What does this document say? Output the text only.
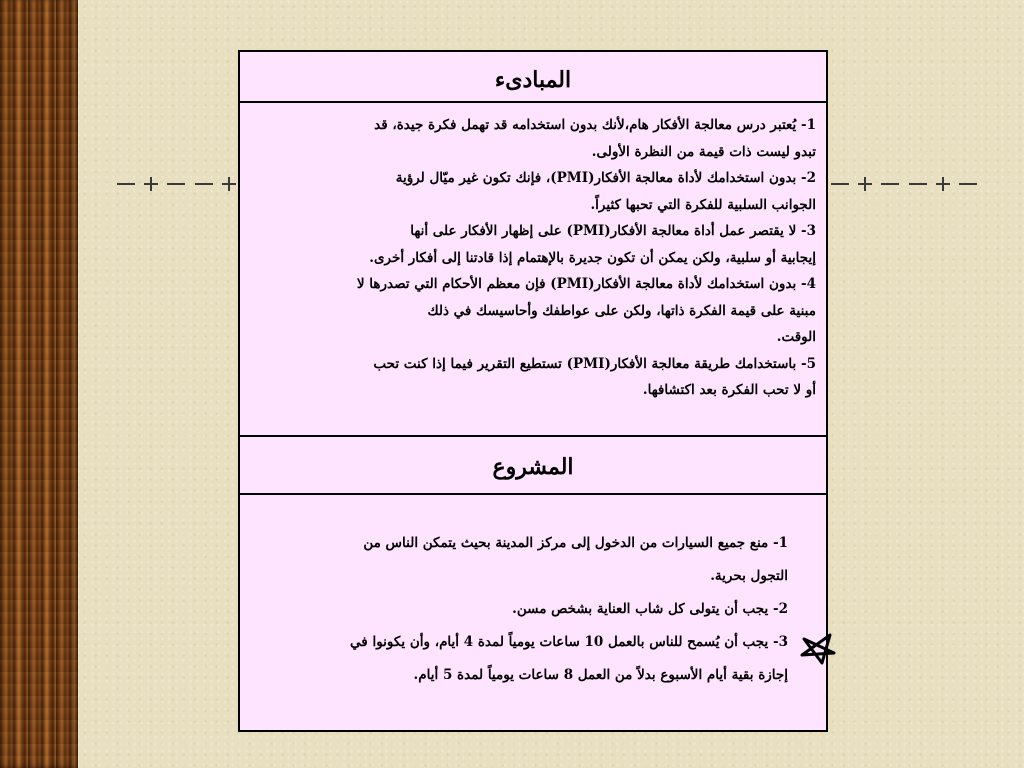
المبادىء
1- يُعتبر درس معالجة الأفكار هام،لأنك بدون استخدامه قد تهمل فكرة جيدة، قد
تبدو ليست ذات قيمة من النظرة الأولى.
2- بدون استخدامك لأداة معالجة الأفكار(PMI)، فإنك تكون غير ميّال لرؤية
الجوانب السلبية للفكرة التي تحبها كثيراً.
3- لا يقتصر عمل أداة معالجة الأفكار(PMI) على إظهار الأفكار على أنها
إيجابية أو سلبية، ولكن يمكن أن تكون جديرة بالإهتمام إذا قادتنا إلى أفكار أخرى.
4- بدون استخدامك لأداة معالجة الأفكار(PMI) فإن معظم الأحكام التي تصدرها لا
مبنية على قيمة الفكرة ذاتها، ولكن على عواطفك وأحاسيسك في ذلك
الوقت.
5- باستخدامك طريقة معالجة الأفكار(PMI) تستطيع التقرير فيما إذا كنت تحب
أو لا تحب الفكرة بعد اكتشافها.
المشروع
1- منع جميع السيارات من الدخول إلى مركز المدينة بحيث يتمكن الناس من
التجول بحرية.
2- يجب أن يتولى كل شاب العناية بشخص مسن.
3- يجب أن يُسمح للناس بالعمل 10 ساعات يومياً لمدة 4 أيام، وأن يكونوا في
إجازة بقية أيام الأسبوع بدلاً من العمل 8 ساعات يومياً لمدة 5 أيام.
